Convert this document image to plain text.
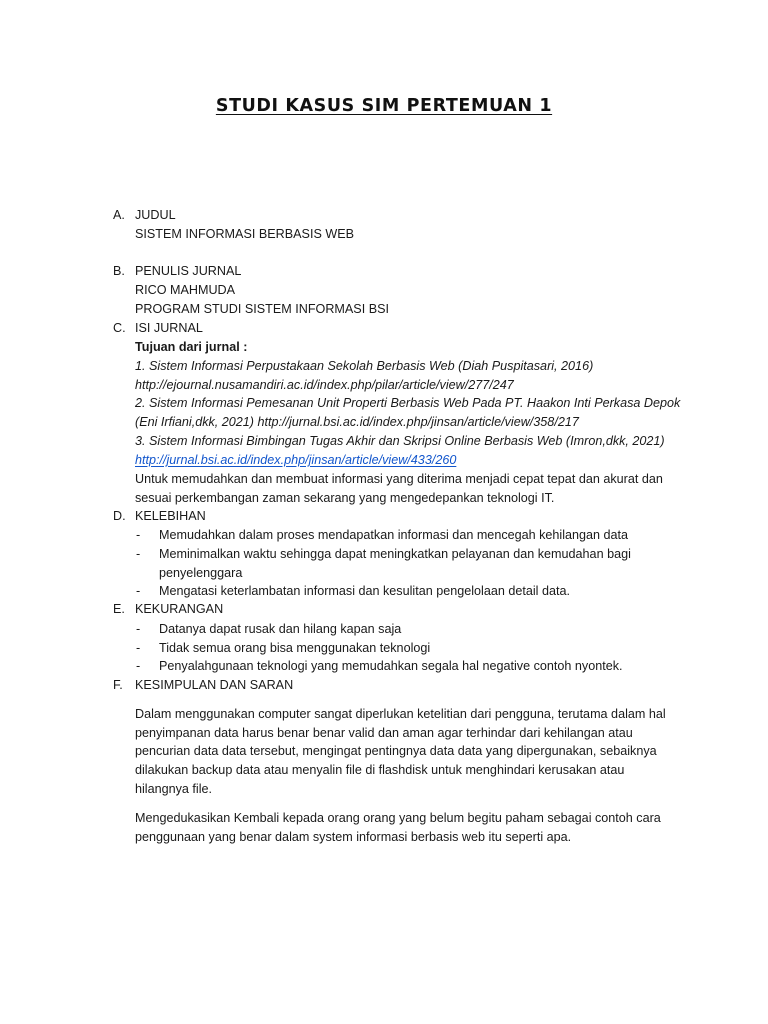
STUDI KASUS SIM PERTEMUAN 1
A. JUDUL
SISTEM INFORMASI BERBASIS WEB
B. PENULIS JURNAL
RICO MAHMUDA
PROGRAM STUDI SISTEM INFORMASI BSI
C. ISI JURNAL
Tujuan dari jurnal :
1. Sistem Informasi Perpustakaan Sekolah Berbasis Web (Diah Puspitasari, 2016)
http://ejournal.nusamandiri.ac.id/index.php/pilar/article/view/277/247
2. Sistem Informasi Pemesanan Unit Properti Berbasis Web Pada PT. Haakon Inti Perkasa Depok
(Eni Irfiani,dkk, 2021) http://jurnal.bsi.ac.id/index.php/jinsan/article/view/358/217
3. Sistem Informasi Bimbingan Tugas Akhir dan Skripsi Online Berbasis Web (Imron,dkk, 2021)
http://jurnal.bsi.ac.id/index.php/jinsan/article/view/433/260
Untuk memudahkan dan membuat informasi yang diterima menjadi cepat tepat dan akurat dan
sesuai perkembangan zaman sekarang yang mengedepankan teknologi IT.
D. KELEBIHAN
- Memudahkan dalam proses mendapatkan informasi dan mencegah kehilangan data
- Meminimalkan waktu sehingga dapat meningkatkan pelayanan dan kemudahan bagi
penyelenggara
- Mengatasi keterlambatan informasi dan kesulitan pengelolaan detail data.
E. KEKURANGAN
- Datanya dapat rusak dan hilang kapan saja
- Tidak semua orang bisa menggunakan teknologi
- Penyalahgunaan teknologi yang memudahkan segala hal negative contoh nyontek.
F. KESIMPULAN DAN SARAN
Dalam menggunakan computer sangat diperlukan ketelitian dari pengguna, terutama dalam hal
penyimpanan data harus benar benar valid dan aman agar terhindar dari kehilangan atau
pencurian data data tersebut, mengingat pentingnya data data yang dipergunakan, sebaiknya
dilakukan backup data atau menyalin file di flashdisk untuk menghindari kerusakan atau
hilangnya file.
Mengedukasikan Kembali kepada orang orang yang belum begitu paham sebagai contoh cara
penggunaan yang benar dalam system informasi berbasis web itu seperti apa.
